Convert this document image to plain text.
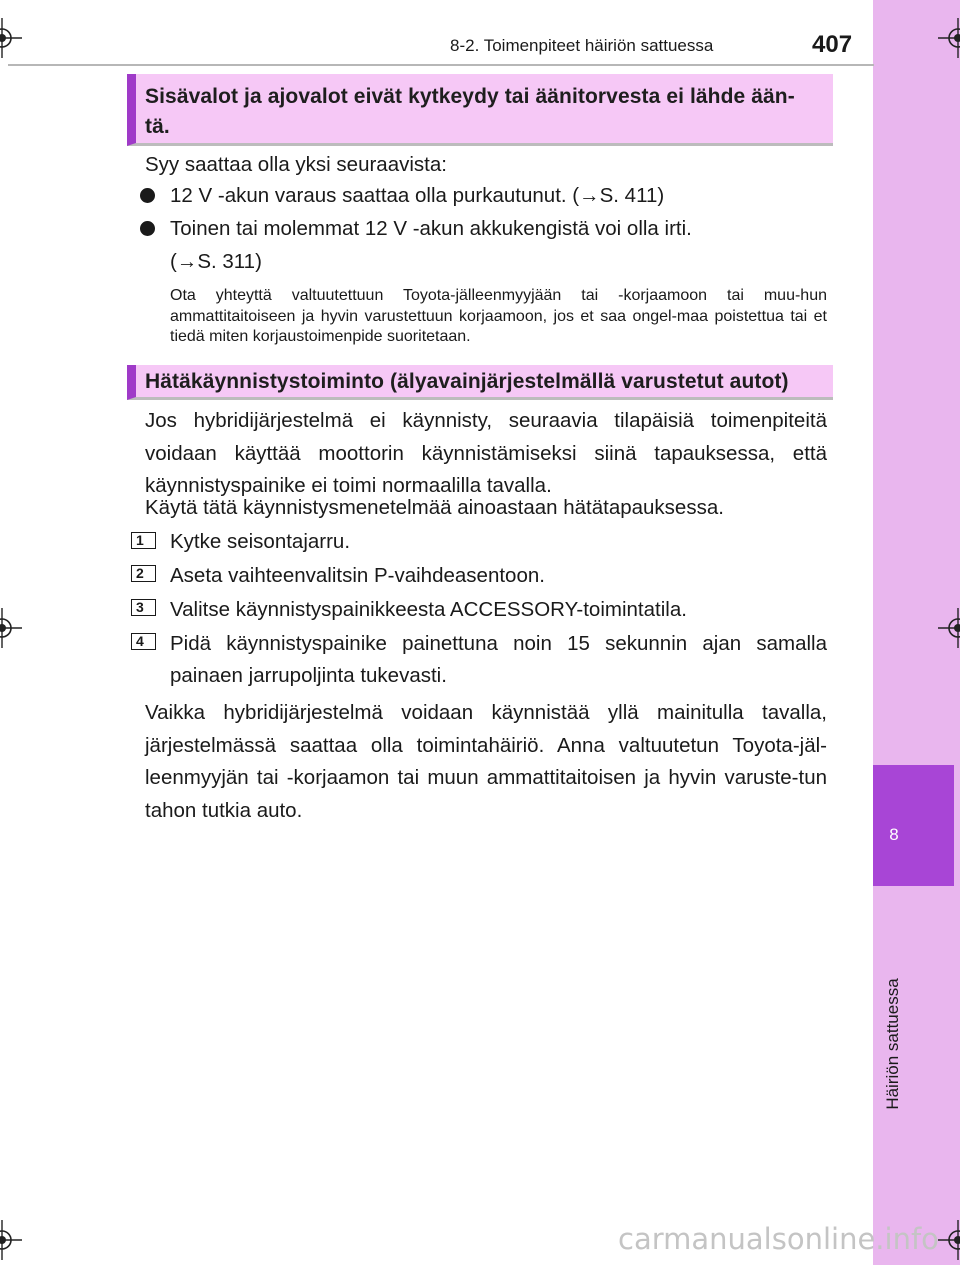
8
Häiriön sattuessa
8-2. Toimenpiteet häiriön sattuessa	407
Sisävalot ja ajovalot eivät kytkeydy tai äänitorvesta ei lähde ään-
tä.
Syy saattaa olla yksi seuraavista:
12 V -akun varaus saattaa olla purkautunut. (→S. 411)
Toinen tai molemmat 12 V -akun akkukengistä voi olla irti.
(→S. 311)
Ota yhteyttä valtuutettuun Toyota-jälleenmyyjään tai -korjaamoon tai muu-hun ammattitaitoiseen ja hyvin varustettuun korjaamoon, jos et saa ongel-maa poistettua tai et tiedä miten korjaustoimenpide suoritetaan.
Hätäkäynnistystoiminto (älyavainjärjestelmällä varustetut autot)
Jos hybridijärjestelmä ei käynnisty, seuraavia tilapäisiä toimenpiteitä voidaan käyttää moottorin käynnistämiseksi siinä tapauksessa, että käynnistyspainike ei toimi normaalilla tavalla.
Käytä tätä käynnistysmenetelmää ainoastaan hätätapauksessa.
1 Kytke seisontajarru.
2 Aseta vaihteenvalitsin P-vaihdeasentoon.
3 Valitse käynnistyspainikkeesta ACCESSORY-toimintatila.
4 Pidä käynnistyspainike painettuna noin 15 sekunnin ajan samalla
painaen jarrupoljinta tukevasti.
Vaikka hybridijärjestelmä voidaan käynnistää yllä mainitulla tavalla, järjestelmässä saattaa olla toimintahäiriö. Anna valtuutetun Toyota-jäl-leenmyyjän tai -korjaamon tai muun ammattitaitoisen ja hyvin varuste-tun tahon tutkia auto.
carmanualsonline.info
